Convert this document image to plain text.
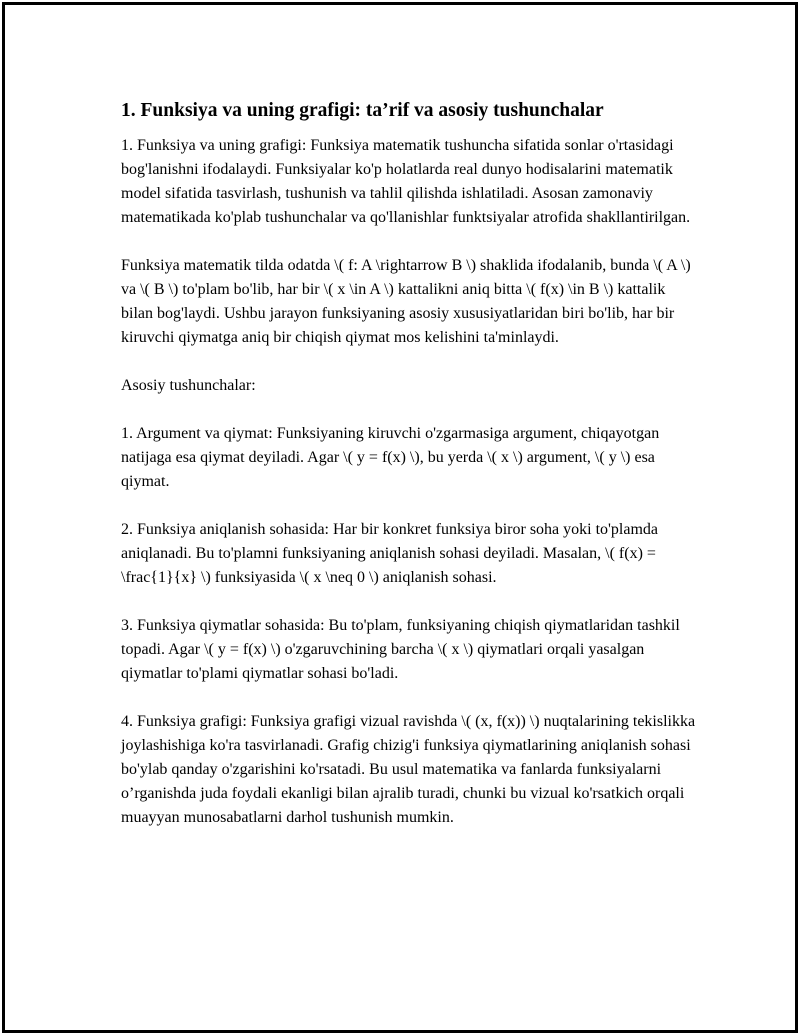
1. Funksiya va uning grafigi: ta’rif va asosiy tushunchalar

1. Funksiya va uning grafigi: Funksiya matematik tushuncha sifatida sonlar o'rtasidagi bog'lanishni ifodalaydi. Funksiyalar ko'p holatlarda real dunyo hodisalarini matematik model sifatida tasvirlash, tushunish va tahlil qilishda ishlatiladi. Asosan zamonaviy matematikada ko'plab tushunchalar va qo'llanishlar funktsiyalar atrofida shakllantirilgan.

Funksiya matematik tilda odatda \( f: A \rightarrow B \) shaklida ifodalanib, bunda \( A \) va \( B \) to'plam bo'lib, har bir \( x \in A \) kattalikni aniq bitta \( f(x) \in B \) kattalik bilan bog'laydi. Ushbu jarayon funksiyaning asosiy xususiyatlaridan biri bo'lib, har bir kiruvchi qiymatga aniq bir chiqish qiymat mos kelishini ta'minlaydi.

Asosiy tushunchalar:

1. Argument va qiymat: Funksiyaning kiruvchi o'zgarmasiga argument, chiqayotgan natijaga esa qiymat deyiladi. Agar \( y = f(x) \), bu yerda \( x \) argument, \( y \) esa qiymat.

2. Funksiya aniqlanish sohasida: Har bir konkret funksiya biror soha yoki to'plamda aniqlanadi. Bu to'plamni funksiyaning aniqlanish sohasi deyiladi. Masalan, \( f(x) = \frac{1}{x} \) funksiyasida \( x \neq 0 \) aniqlanish sohasi.

3. Funksiya qiymatlar sohasida: Bu to'plam, funksiyaning chiqish qiymatlaridan tashkil topadi. Agar \( y = f(x) \) o'zgaruvchining barcha \( x \) qiymatlari orqali yasalgan qiymatlar to'plami qiymatlar sohasi bo'ladi.

4. Funksiya grafigi: Funksiya grafigi vizual ravishda \( (x, f(x)) \) nuqtalarining tekislikka joylashishiga ko'ra tasvirlanadi. Grafig chizig'i funksiya qiymatlarining aniqlanish sohasi bo'ylab qanday o'zgarishini ko'rsatadi. Bu usul matematika va fanlarda funksiyalarni o’rganishda juda foydali ekanligi bilan ajralib turadi, chunki bu vizual ko'rsatkich orqali muayyan munosabatlarni darhol tushunish mumkin.
